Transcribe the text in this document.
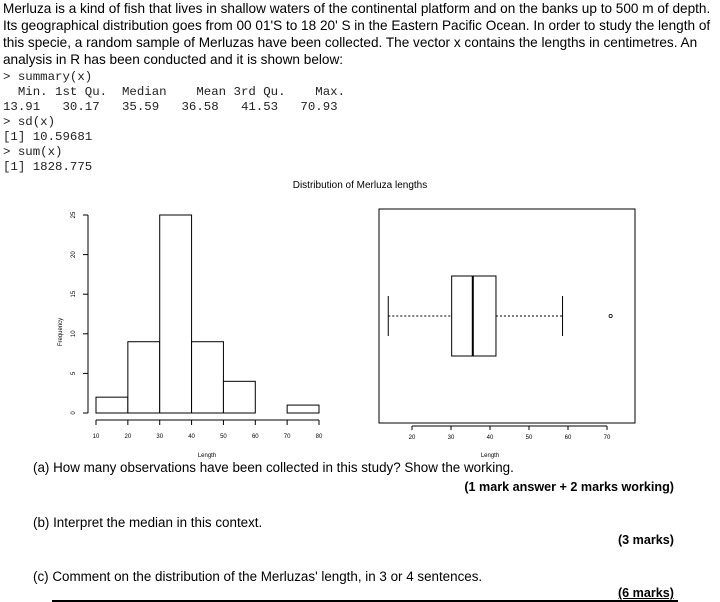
Merluza is a kind of fish that lives in shallow waters of the continental platform and on the banks up to 500 m of depth. Its geographical distribution goes from 00 01'S to 18 20' S in the Eastern Pacific Ocean. In order to study the length of this specie, a random sample of Merluzas have been collected. The vector x contains the lengths in centimetres. An analysis in R has been conducted and it is shown below:
> summary(x)
Min. 1st Qu.  Median    Mean 3rd Qu.    Max.
13.91   30.17   35.59   36.58   41.53   70.93
> sd(x)
[1] 10.59681
> sum(x)
[1] 1828.775
Distribution of Merluza lengths
10	20	30	40	50	60	70	80
0
5
10
15
20
25
Frequency
Length
20	30	40	50	60	70
Length
(a) How many observations have been collected in this study? Show the working.
(1 mark answer + 2 marks working)
(b) Interpret the median in this context.
(3 marks)
(c) Comment on the distribution of the Merluzas' length, in 3 or 4 sentences.
(6 marks)
